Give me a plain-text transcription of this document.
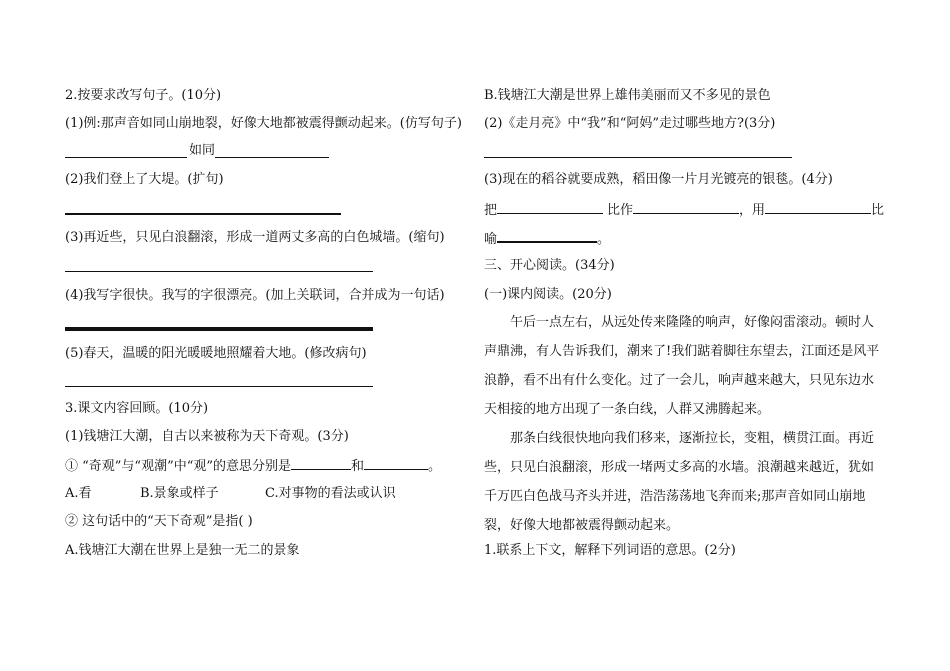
2.按要求改写句子。(10分)
(1)例:那声音如同山崩地裂，好像大地都被震得颤动起来。(仿写句子)
如同
(2)我们登上了大堤。(扩句)
(3)再近些，只见白浪翻滚，形成一道两丈多高的白色城墙。(缩句)
(4)我写字很快。我写的字很漂亮。(加上关联词，合并成为一句话)
(5)春天，温暖的阳光暖暖地照耀着大地。(修改病句)
3.课文内容回顾。(10分)
(1)钱塘江大潮，自古以来被称为天下奇观。(3分)
① “奇观”与“观潮”中“观”的意思分别是	和	。
A.看	B.景象或样子	C.对事物的看法或认识
② 这句话中的“天下奇观”是指( )
A.钱塘江大潮在世界上是独一无二的景象
B.钱塘江大潮是世界上雄伟美丽而又不多见的景色
(2)《走月亮》中“我”和“阿妈”走过哪些地方?(3分)
(3)现在的稻谷就要成熟，稻田像一片月光镀亮的银毯。(4分)
把	比作	，用	比
喻	。
三、开心阅读。(34分)
(一)课内阅读。(20分)
午后一点左右，从远处传来隆隆的响声，好像闷雷滚动。顿时人声鼎沸，有人告诉我们，潮来了!我们踮着脚往东望去，江面还是风平浪静，看不出有什么变化。过了一会儿，响声越来越大，只见东边水天相接的地方出现了一条白线，人群又沸腾起来。
那条白线很快地向我们移来，逐渐拉长，变粗，横贯江面。再近些，只见白浪翻滚，形成一堵两丈多高的水墙。浪潮越来越近，犹如千万匹白色战马齐头并进，浩浩荡荡地飞奔而来;那声音如同山崩地裂，好像大地都被震得颤动起来。
1.联系上下文，解释下列词语的意思。(2分)
